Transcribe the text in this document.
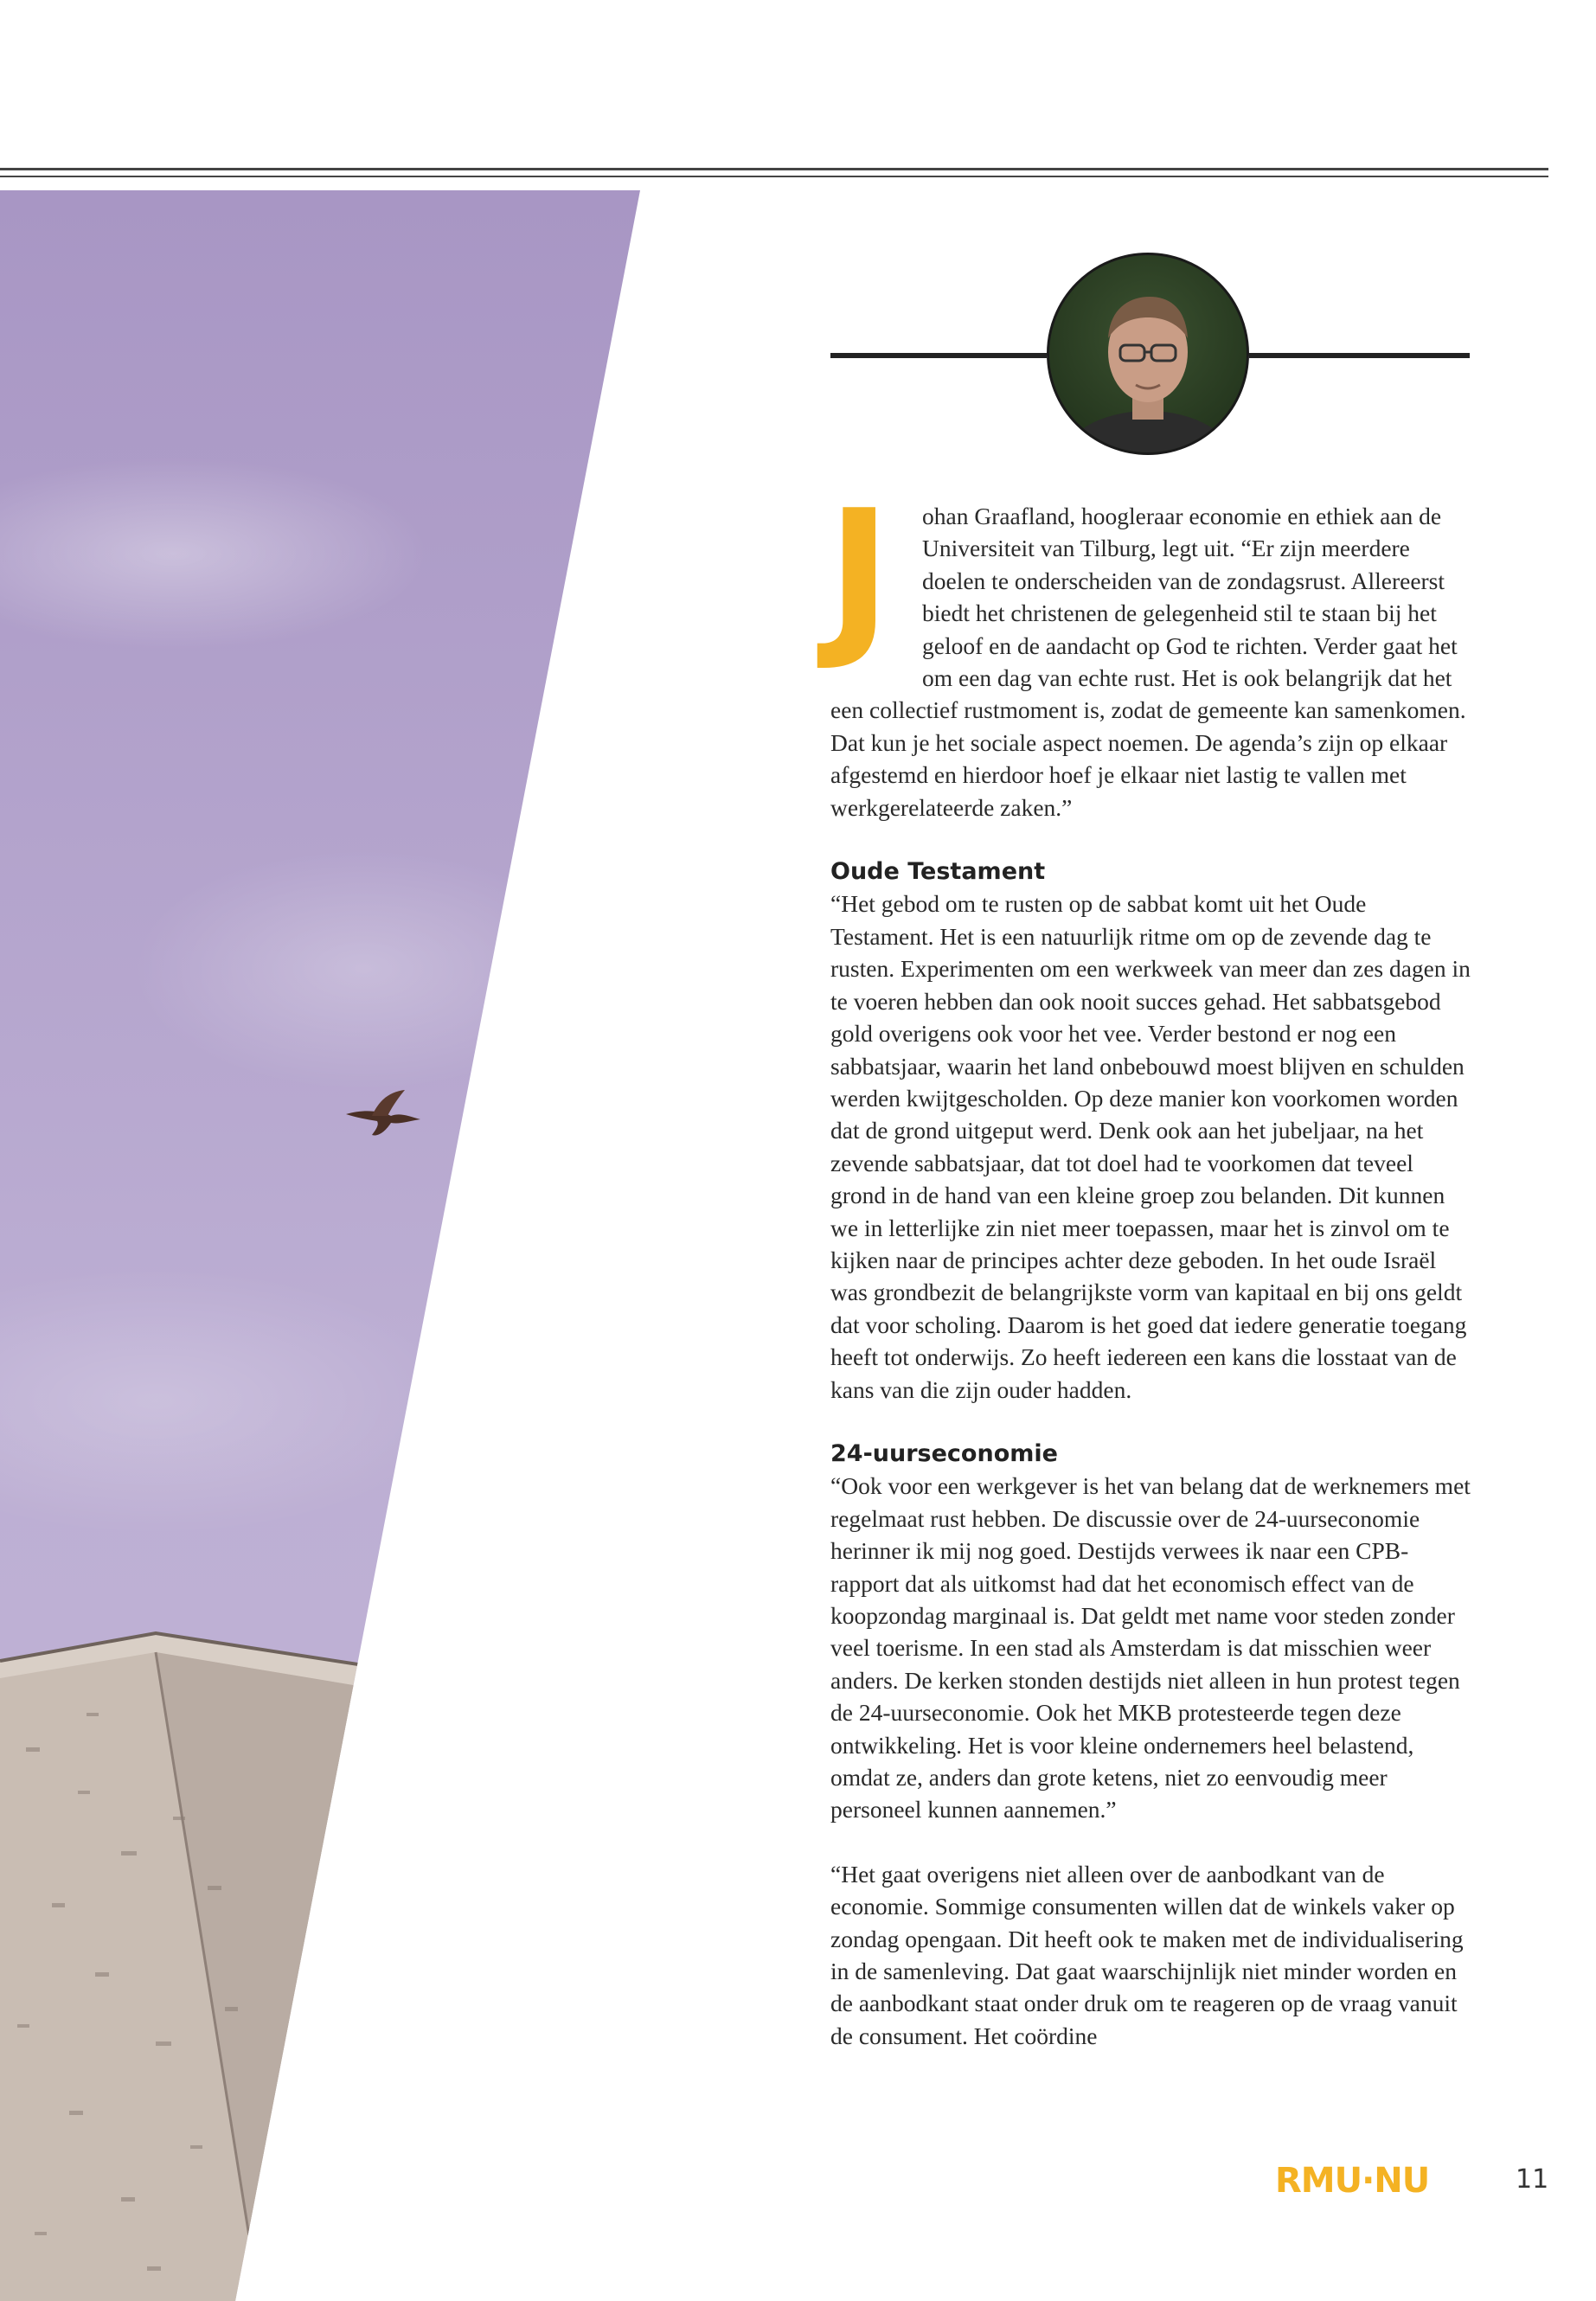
J	ohan Graafland, hoogleraar economie en ethiek aan de Universiteit van Tilburg, legt uit. “Er zijn meerdere doelen te onderscheiden van de zondagsrust. Allereerst biedt het christenen de gelegenheid stil te staan bij het geloof en de aandacht op God te richten. Verder gaat het om een dag van echte rust. Het is ook belangrijk dat het een collectief rustmoment is, zodat de gemeente kan samenkomen. Dat kun je het sociale aspect noemen. De agenda’s zijn op elkaar afgestemd en hierdoor hoef je elkaar niet lastig te vallen met werkgerelateerde zaken.”

Oude Testament

“Het gebod om te rusten op de sabbat komt uit het Oude Testament. Het is een natuurlijk ritme om op de zevende dag te rusten. Experimenten om een werkweek van meer dan zes dagen in te voeren hebben dan ook nooit succes gehad. Het sabbatsgebod gold overigens ook voor het vee. Verder bestond er nog een sabbatsjaar, waarin het land onbebouwd moest blijven en schulden werden kwijtgescholden. Op deze manier kon voorkomen worden dat de grond uitgeput werd. Denk ook aan het jubeljaar, na het zevende sabbatsjaar, dat tot doel had te voorkomen dat teveel grond in de hand van een kleine groep zou belanden. Dit kunnen we in letterlijke zin niet meer toepassen, maar het is zinvol om te kijken naar de principes achter deze geboden. In het oude Israël was grondbezit de belangrijkste vorm van kapitaal en bij ons geldt dat voor scholing. Daarom is het goed dat iedere generatie toegang heeft tot onderwijs. Zo heeft iedereen een kans die losstaat van de kans van die zijn ouder hadden.

24-uurseconomie

“Ook voor een werkgever is het van belang dat de werknemers met regelmaat rust hebben. De discussie over de 24-uurseconomie herinner ik mij nog goed. Destijds verwees ik naar een CPB-rapport dat als uitkomst had dat het economisch effect van de koopzondag marginaal is. Dat geldt met name voor steden zonder veel toerisme. In een stad als Amsterdam is dat misschien weer anders. De kerken stonden destijds niet alleen in hun protest tegen de 24-uurseconomie. Ook het MKB protesteerde tegen deze ontwikkeling. Het is voor kleine ondernemers heel belastend, omdat ze, anders dan grote ketens, niet zo eenvoudig meer personeel kunnen aannemen.”

“Het gaat overigens niet alleen over de aanbodkant van de economie. Sommige consumenten willen dat de winkels vaker op zondag opengaan. Dit heeft ook te maken met de individualisering in de samenleving. Dat gaat waarschijnlijk niet minder worden en de aanbodkant staat onder druk om te reageren op de vraag vanuit de consument. Het coördine

RMU·NU	11
